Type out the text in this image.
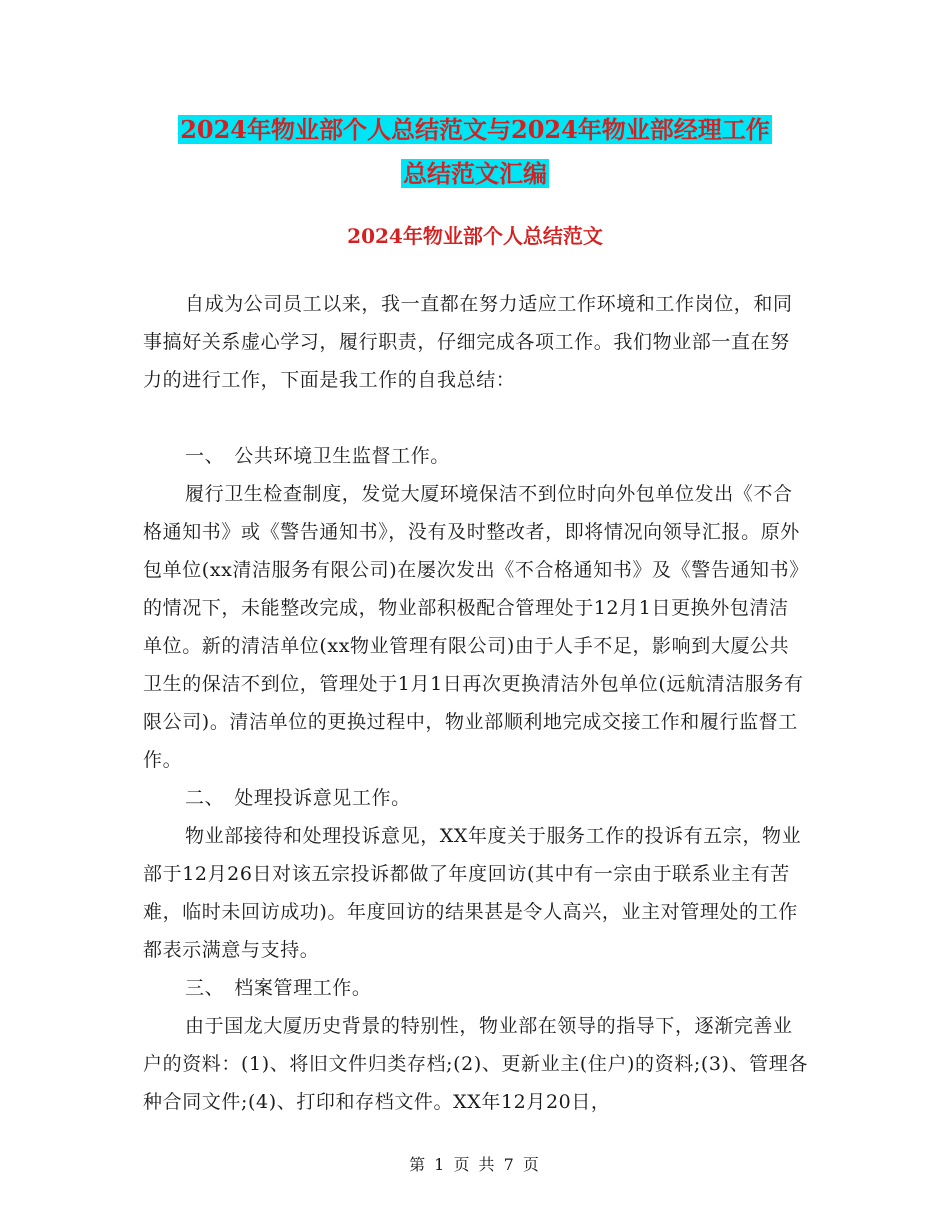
2024年物业部个人总结范文与2024年物业部经理工作
总结范文汇编
2024年物业部个人总结范文

自成为公司员工以来，我一直都在努力适应工作环境和工作岗位，和同事搞好关系虚心学习，履行职责，仔细完成各项工作。我们物业部一直在努力的进行工作，下面是我工作的自我总结：

一、　公共环境卫生监督工作。

履行卫生检查制度，发觉大厦环境保洁不到位时向外包单位发出《不合格通知书》或《警告通知书》，没有及时整改者，即将情况向领导汇报。原外包单位(xx清洁服务有限公司)在屡次发出《不合格通知书》及《警告通知书》的情况下，未能整改完成，物业部积极配合管理处于12月1日更换外包清洁单位。新的清洁单位(xx物业管理有限公司)由于人手不足，影响到大厦公共卫生的保洁不到位，管理处于1月1日再次更换清洁外包单位(远航清洁服务有限公司)。清洁单位的更换过程中，物业部顺利地完成交接工作和履行监督工作。

二、　处理投诉意见工作。

物业部接待和处理投诉意见，XX年度关于服务工作的投诉有五宗，物业部于12月26日对该五宗投诉都做了年度回访(其中有一宗由于联系业主有苦难，临时未回访成功)。年度回访的结果甚是令人高兴，业主对管理处的工作都表示满意与支持。

三、　档案管理工作。

由于国龙大厦历史背景的特别性，物业部在领导的指导下，逐渐完善业户的资料：(1)、将旧文件归类存档;(2)、更新业主(住户)的资料;(3)、管理各种合同文件;(4)、打印和存档文件。XX年12月20日，

第 1 页 共 7 页
